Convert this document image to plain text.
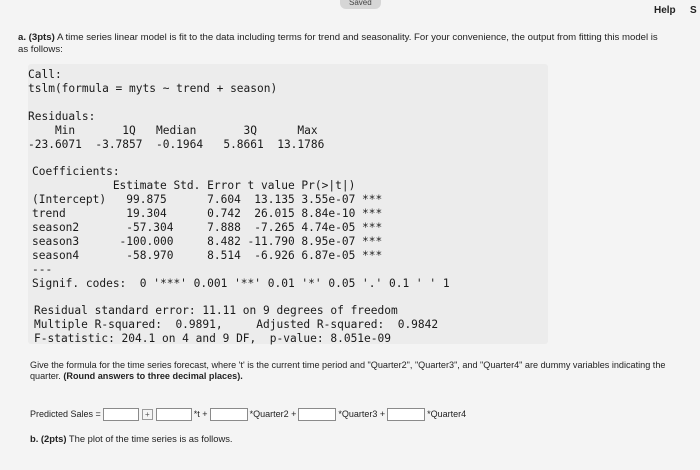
Saved
Help S
a. (3pts) A time series linear model is fit to the data including terms for trend and seasonality. For your convenience, the output from fitting this model is as follows:
Call:
tslm(formula = myts ~ trend + season)
Residuals:
Min       1Q   Median       3Q      Max
-23.6071  -3.7857  -0.1964   5.8661  13.1786
Coefficients:
Estimate Std. Error t value Pr(>|t|)
(Intercept)   99.875      7.604  13.135 3.55e-07 ***
trend         19.304      0.742  26.015 8.84e-10 ***
season2       -57.304     7.888  -7.265 4.74e-05 ***
season3      -100.000     8.482 -11.790 8.95e-07 ***
season4       -58.970     8.514  -6.926 6.87e-05 ***
---
Signif. codes:  0 '***' 0.001 '**' 0.01 '*' 0.05 '.' 0.1 ' ' 1
Residual standard error: 11.11 on 9 degrees of freedom
Multiple R-squared:  0.9891,     Adjusted R-squared:  0.9842
F-statistic: 204.1 on 4 and 9 DF,  p-value: 8.051e-09
Give the formula for the time series forecast, where 't' is the current time period and "Quarter2", "Quarter3", and "Quarter4" are dummy variables indicating the quarter. (Round answers to three decimal places).
Predicted Sales =	+	*t +	*Quarter2 +	*Quarter3 +	*Quarter4
b. (2pts) The plot of the time series is as follows.
